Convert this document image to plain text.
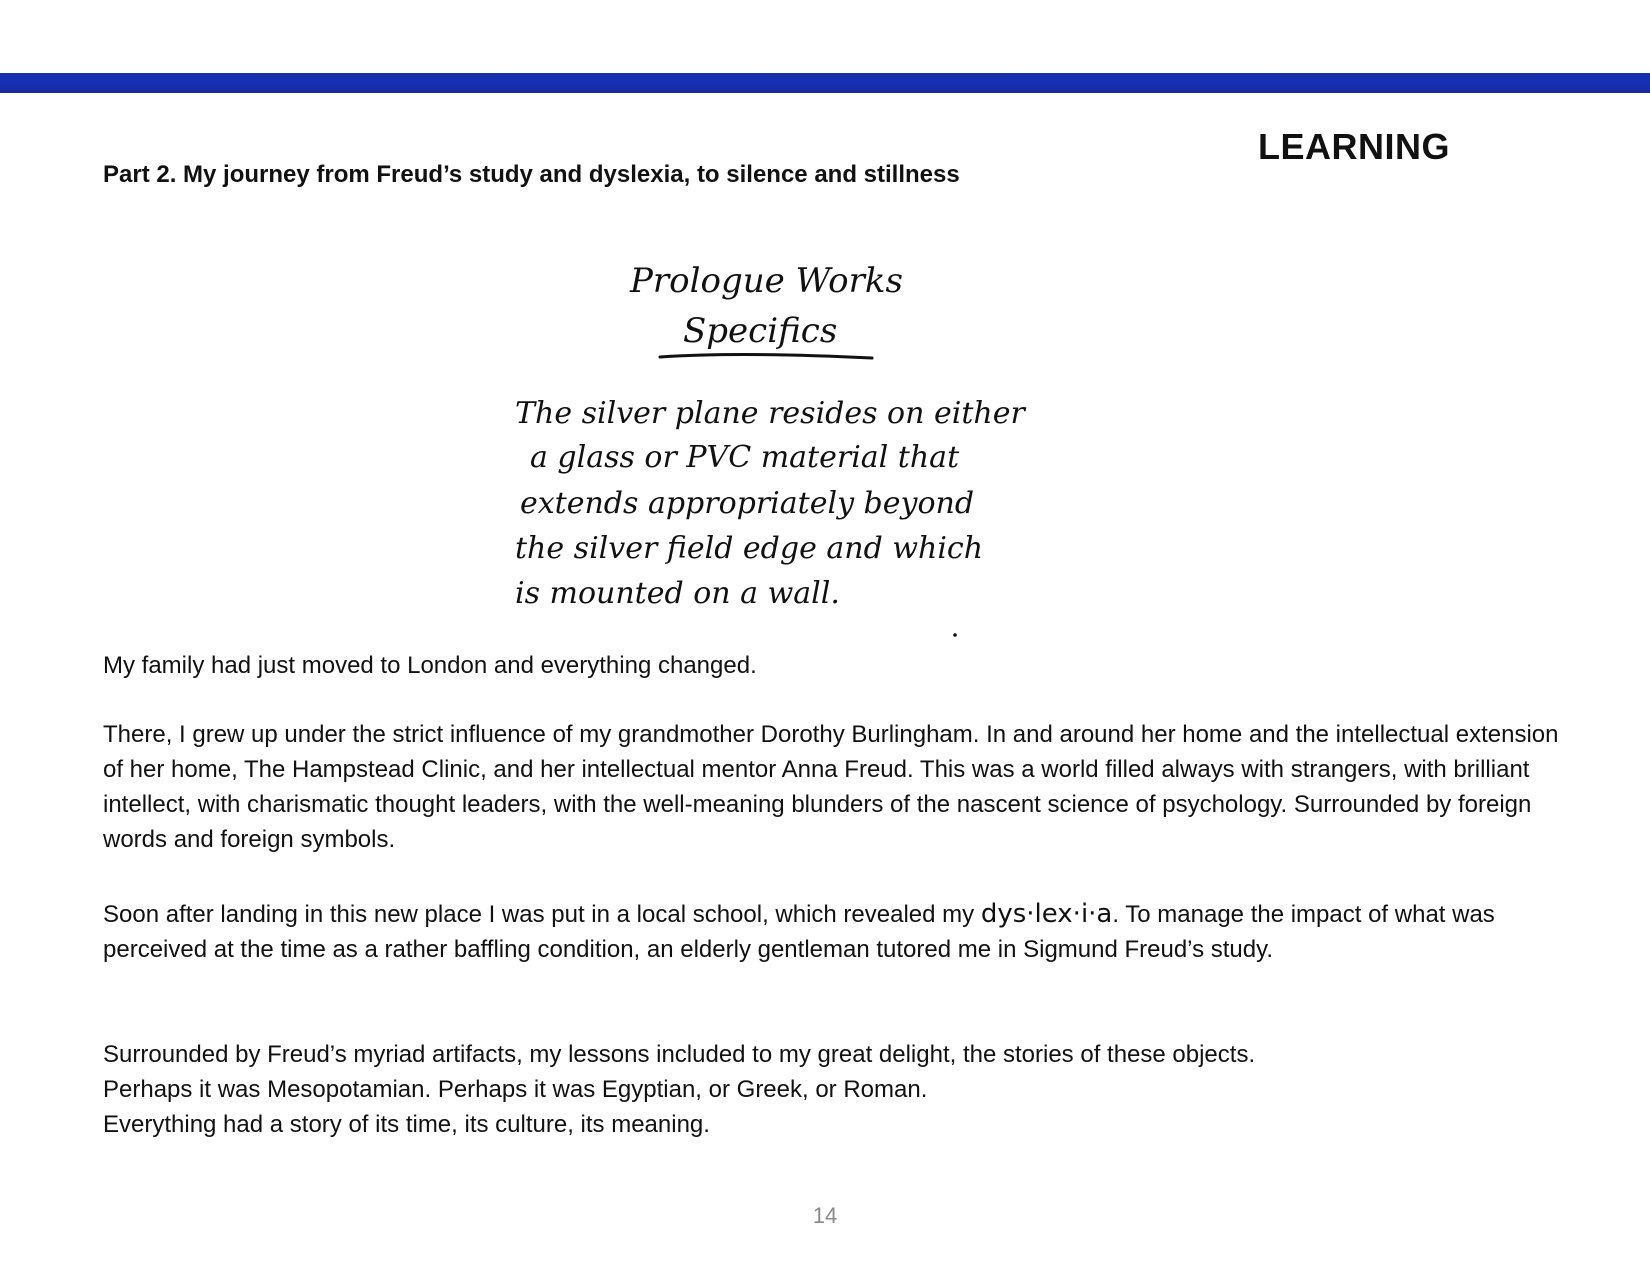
LEARNING
Part 2. My journey from Freud’s study and dyslexia, to silence and stillness
Prologue Works
Specifics
The silver plane resides on either
a glass or PVC material that
extends appropriately beyond
the silver field edge and which
is mounted on a wall.

My family had just moved to London and everything changed.

There, I grew up under the strict influence of my grandmother Dorothy Burlingham. In and around her home and the intellectual extension of her home, The Hampstead Clinic, and her intellectual mentor Anna Freud. This was a world filled always with strangers, with brilliant intellect, with charismatic thought leaders, with the well-meaning blunders of the nascent science of psychology. Surrounded by foreign words and foreign symbols.

Soon after landing in this new place I was put in a local school, which revealed my dys·lex·i·a. To manage the impact of what was perceived at the time as a rather baffling condition, an elderly gentleman tutored me in Sigmund Freud’s study.

Surrounded by Freud’s myriad artifacts, my lessons included to my great delight, the stories of these objects.
Perhaps it was Mesopotamian. Perhaps it was Egyptian, or Greek, or Roman.
Everything had a story of its time, its culture, its meaning.

14
